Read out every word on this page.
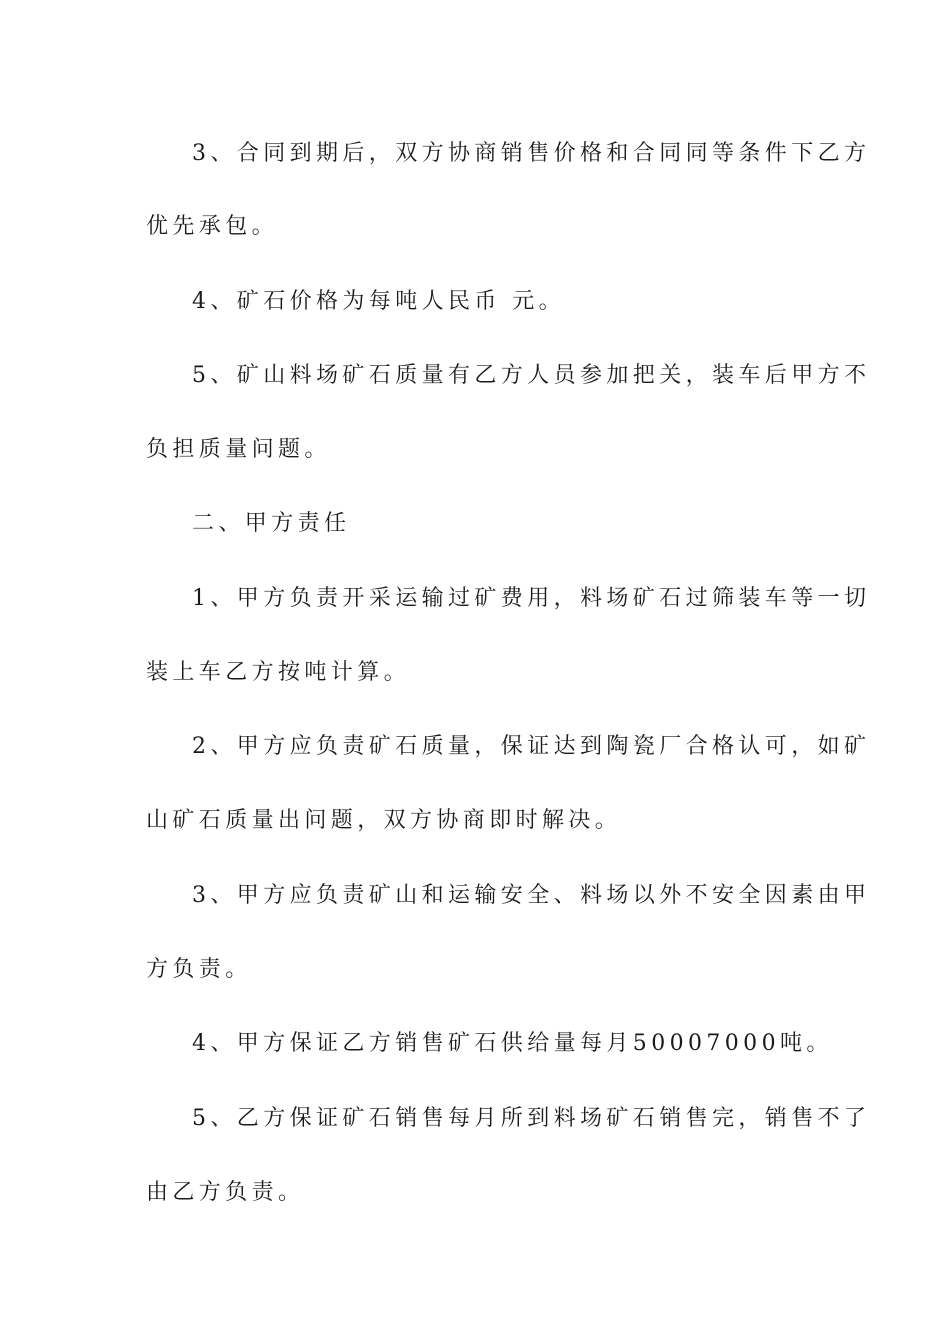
3、合同到期后，双方协商销售价格和合同同等条件下乙方
优先承包。
4、矿石价格为每吨人民币 元。
5、矿山料场矿石质量有乙方人员参加把关，装车后甲方不
负担质量问题。
二、甲方责任
1、甲方负责开采运输过矿费用，料场矿石过筛装车等一切
装上车乙方按吨计算。
2、甲方应负责矿石质量，保证达到陶瓷厂合格认可，如矿
山矿石质量出问题，双方协商即时解决。
3、甲方应负责矿山和运输安全、料场以外不安全因素由甲
方负责。
4、甲方保证乙方销售矿石供给量每月50007000吨。
5、乙方保证矿石销售每月所到料场矿石销售完，销售不了
由乙方负责。
